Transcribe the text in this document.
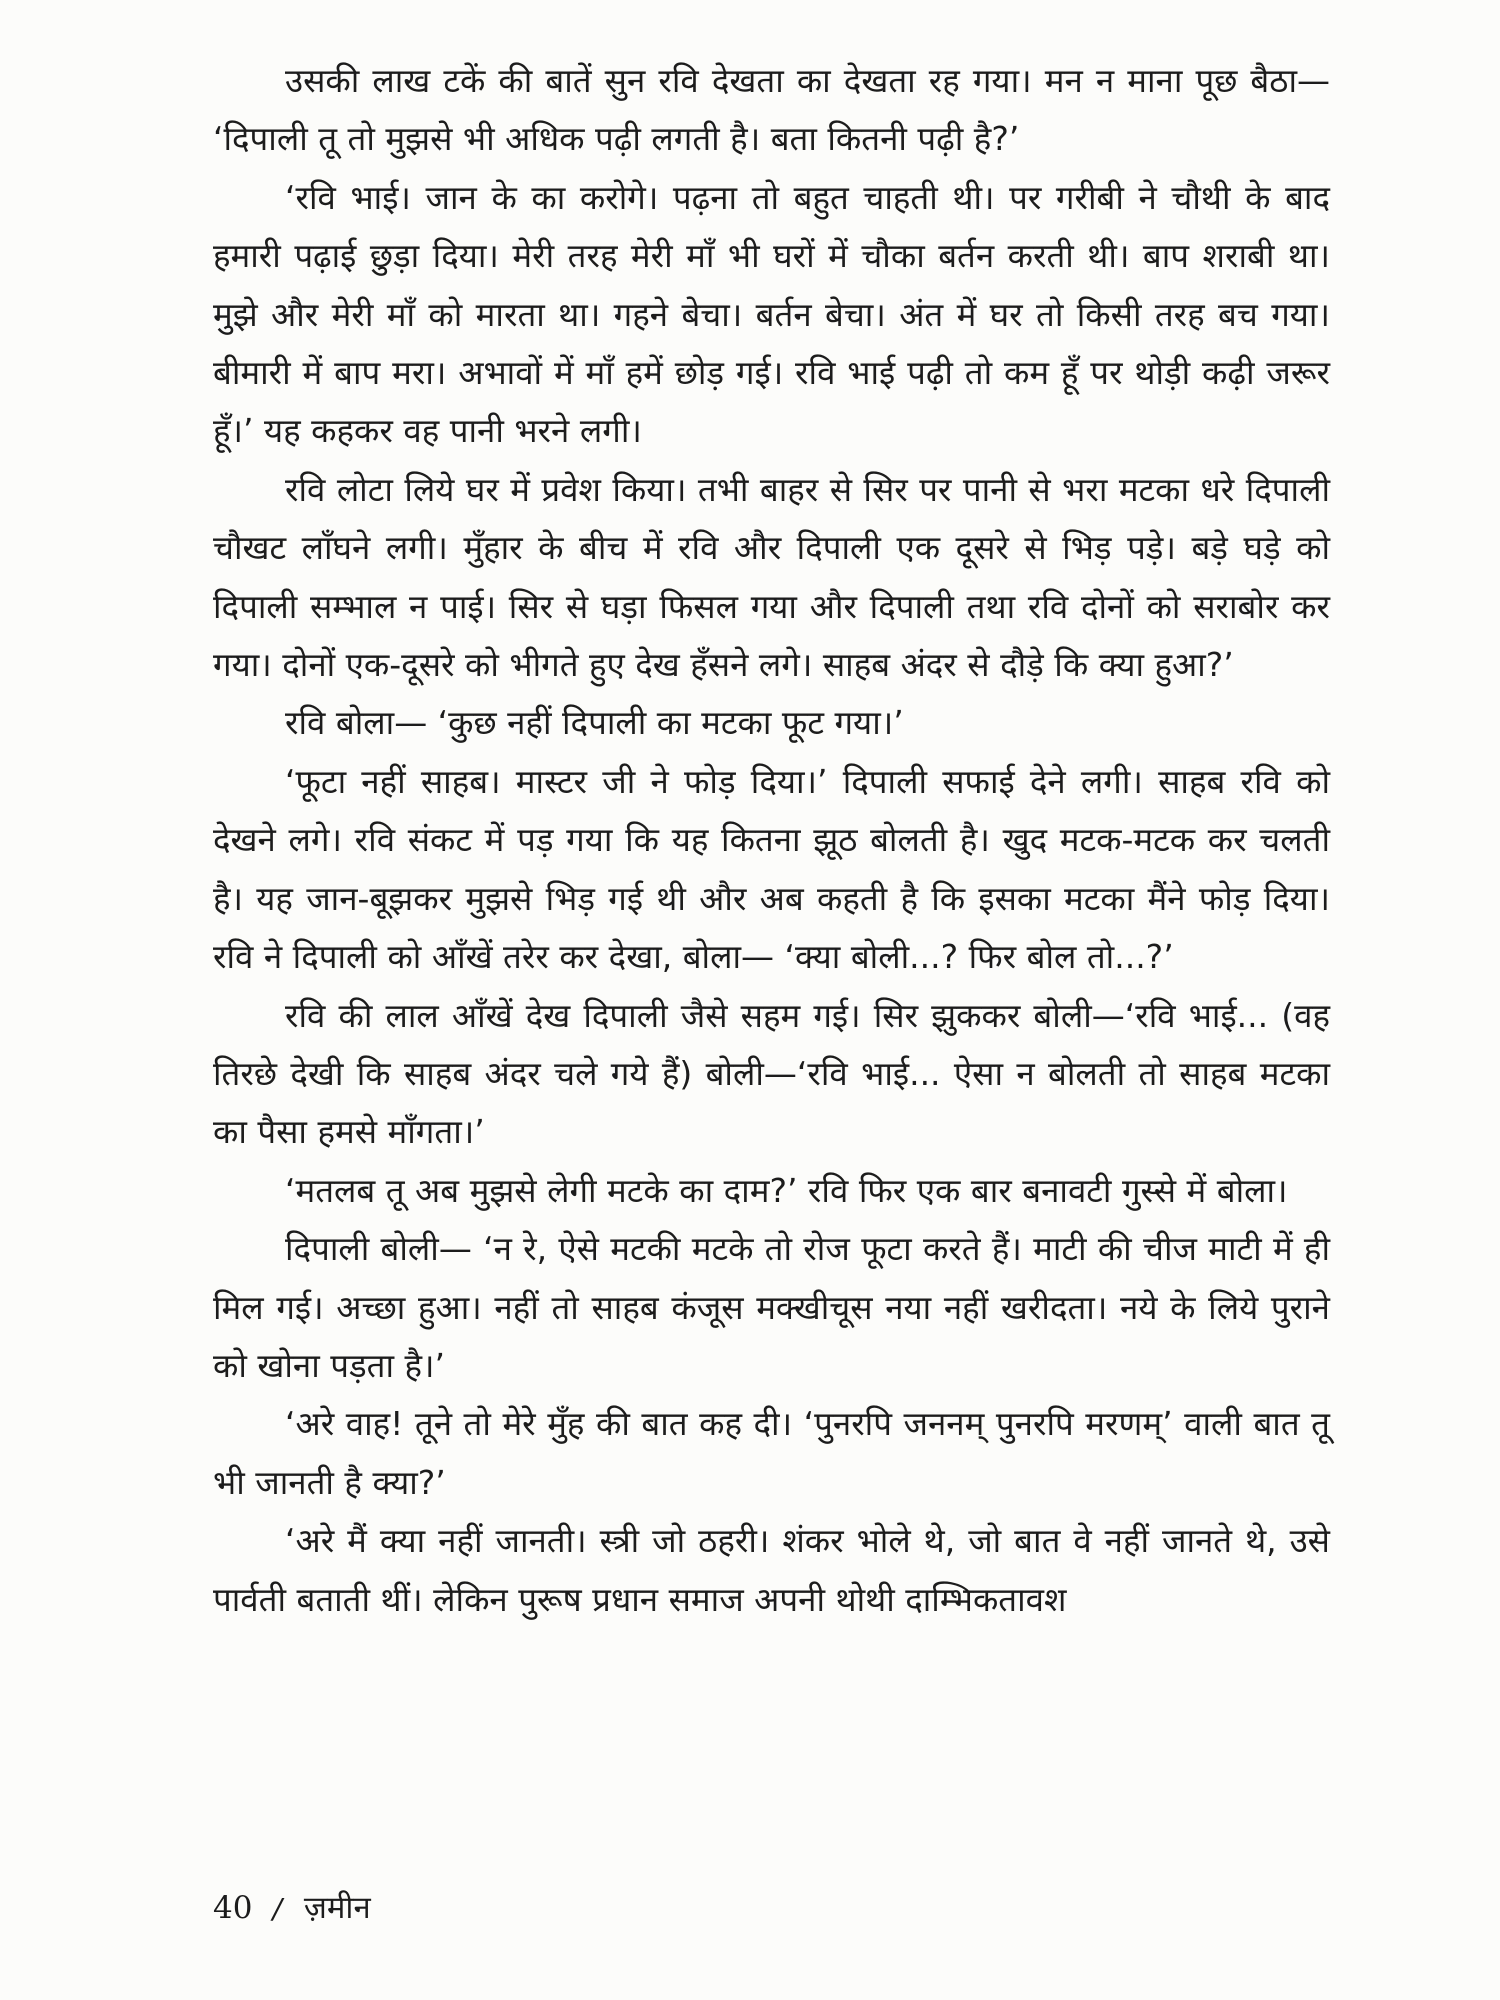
उसकी लाख टकें की बातें सुन रवि देखता का देखता रह गया। मन न माना पूछ बैठा— ‘दिपाली तू तो मुझसे भी अधिक पढ़ी लगती है। बता कितनी पढ़ी है?’

‘रवि भाई। जान के का करोगे। पढ़ना तो बहुत चाहती थी। पर गरीबी ने चौथी के बाद हमारी पढ़ाई छुड़ा दिया। मेरी तरह मेरी माँ भी घरों में चौका बर्तन करती थी। बाप शराबी था। मुझे और मेरी माँ को मारता था। गहने बेचा। बर्तन बेचा। अंत में घर तो किसी तरह बच गया। बीमारी में बाप मरा। अभावों में माँ हमें छोड़ गई। रवि भाई पढ़ी तो कम हूँ पर थोड़ी कढ़ी जरूर हूँ।’ यह कहकर वह पानी भरने लगी।

रवि लोटा लिये घर में प्रवेश किया। तभी बाहर से सिर पर पानी से भरा मटका धरे दिपाली चौखट लाँघने लगी। मुँहार के बीच में रवि और दिपाली एक दूसरे से भिड़ पड़े। बड़े घड़े को दिपाली सम्भाल न पाई। सिर से घड़ा फिसल गया और दिपाली तथा रवि दोनों को सराबोर कर गया। दोनों एक-दूसरे को भीगते हुए देख हँसने लगे। साहब अंदर से दौड़े कि क्या हुआ?’

रवि बोला— ‘कुछ नहीं दिपाली का मटका फूट गया।’

‘फूटा नहीं साहब। मास्टर जी ने फोड़ दिया।’ दिपाली सफाई देने लगी। साहब रवि को देखने लगे। रवि संकट में पड़ गया कि यह कितना झूठ बोलती है। खुद मटक-मटक कर चलती है। यह जान-बूझकर मुझसे भिड़ गई थी और अब कहती है कि इसका मटका मैंने फोड़ दिया। रवि ने दिपाली को आँखें तरेर कर देखा, बोला— ‘क्या बोली...? फिर बोल तो...?’

रवि की लाल आँखें देख दिपाली जैसे सहम गई। सिर झुककर बोली—‘रवि भाई... (वह तिरछे देखी कि साहब अंदर चले गये हैं) बोली—‘रवि भाई... ऐसा न बोलती तो साहब मटका का पैसा हमसे माँगता।’

‘मतलब तू अब मुझसे लेगी मटके का दाम?’ रवि फिर एक बार बनावटी गुस्से में बोला।

दिपाली बोली— ‘न रे, ऐसे मटकी मटके तो रोज फूटा करते हैं। माटी की चीज माटी में ही मिल गई। अच्छा हुआ। नहीं तो साहब कंजूस मक्खीचूस नया नहीं खरीदता। नये के लिये पुराने को खोना पड़ता है।’

‘अरे वाह! तूने तो मेरे मुँह की बात कह दी। ‘पुनरपि जननम् पुनरपि मरणम्’ वाली बात तू भी जानती है क्या?’

‘अरे मैं क्या नहीं जानती। स्त्री जो ठहरी। शंकर भोले थे, जो बात वे नहीं जानते थे, उसे पार्वती बताती थीं। लेकिन पुरूष प्रधान समाज अपनी थोथी दाम्भिकतावश

40 / ज़मीन
